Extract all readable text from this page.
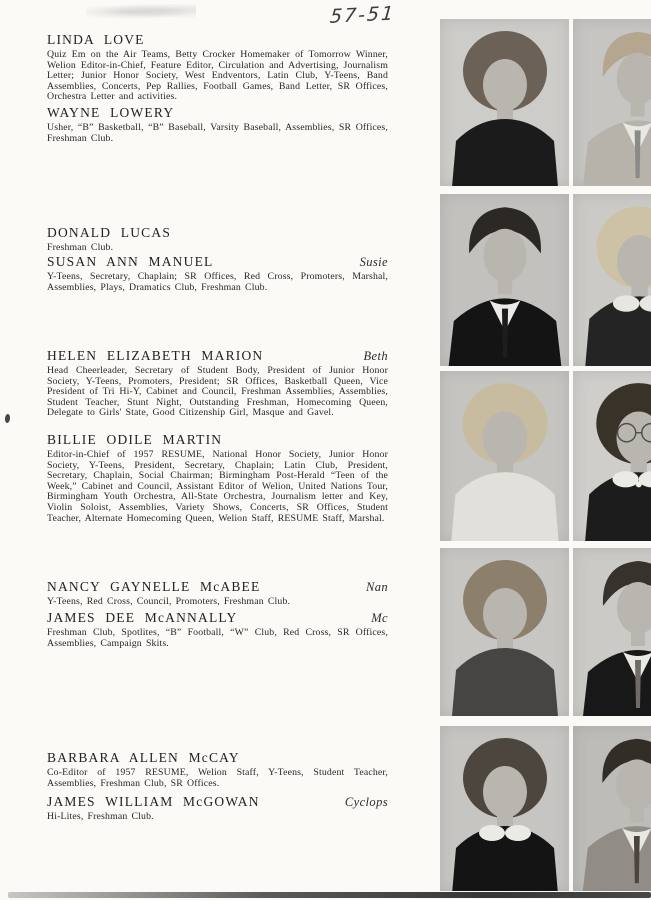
57-51
LINDA LOVE

Quiz Em on the Air Teams, Betty Crocker Homemaker of Tomorrow Winner, Welion Editor-in-Chief, Feature Editor, Circulation and Advertising, Journalism Letter; Junior Honor Society, West Endventors, Latin Club, Y-Teens, Band Assemblies, Concerts, Pep Rallies, Football Games, Band Letter, SR Offices, Orchestra Letter and activities.

WAYNE LOWERY

Usher, “B” Basketball, “B” Baseball, Varsity Baseball, Assemblies, SR Offices, Freshman Club.

DONALD LUCAS

Freshman Club.

SUSAN ANN MANUEL	Susie

Y-Teens, Secretary, Chaplain; SR Offices, Red Cross, Promoters, Marshal, Assemblies, Plays, Dramatics Club, Freshman Club.

HELEN ELIZABETH MARION	Beth

Head Cheerleader, Secretary of Student Body, President of Junior Honor Society, Y-Teens, Promoters, President; SR Offices, Basketball Queen, Vice President of Tri Hi-Y, Cabinet and Council, Freshman Assemblies, Assemblies, Student Teacher, Stunt Night, Outstanding Freshman, Homecoming Queen, Delegate to Girls' State, Good Citizenship Girl, Masque and Gavel.

BILLIE ODILE MARTIN

Editor-in-Chief of 1957 RESUME, National Honor Society, Junior Honor Society, Y-Teens, President, Secretary, Chaplain; Latin Club, President, Secretary, Chaplain, Social Chairman; Birmingham Post-Herald “Teen of the Week,” Cabinet and Council, Assistant Editor of Welion, United Nations Tour, Birmingham Youth Orchestra, All-State Orchestra, Journalism letter and Key, Violin Soloist, Assemblies, Variety Shows, Concerts, SR Offices, Student Teacher, Alternate Homecoming Queen, Welion Staff, RESUME Staff, Marshal.

NANCY GAYNELLE McABEE	Nan

Y-Teens, Red Cross, Council, Promoters, Freshman Club.

JAMES DEE McANNALLY	Mc

Freshman Club, Spotlites, “B” Football, “W” Club, Red Cross, SR Offices, Assemblies, Campaign Skits.

BARBARA ALLEN McCAY

Co-Editor of 1957 RESUME, Welion Staff, Y-Teens, Student Teacher, Assemblies, Freshman Club, SR Offices.

JAMES WILLIAM McGOWAN	Cyclops

Hi-Lites, Freshman Club.
